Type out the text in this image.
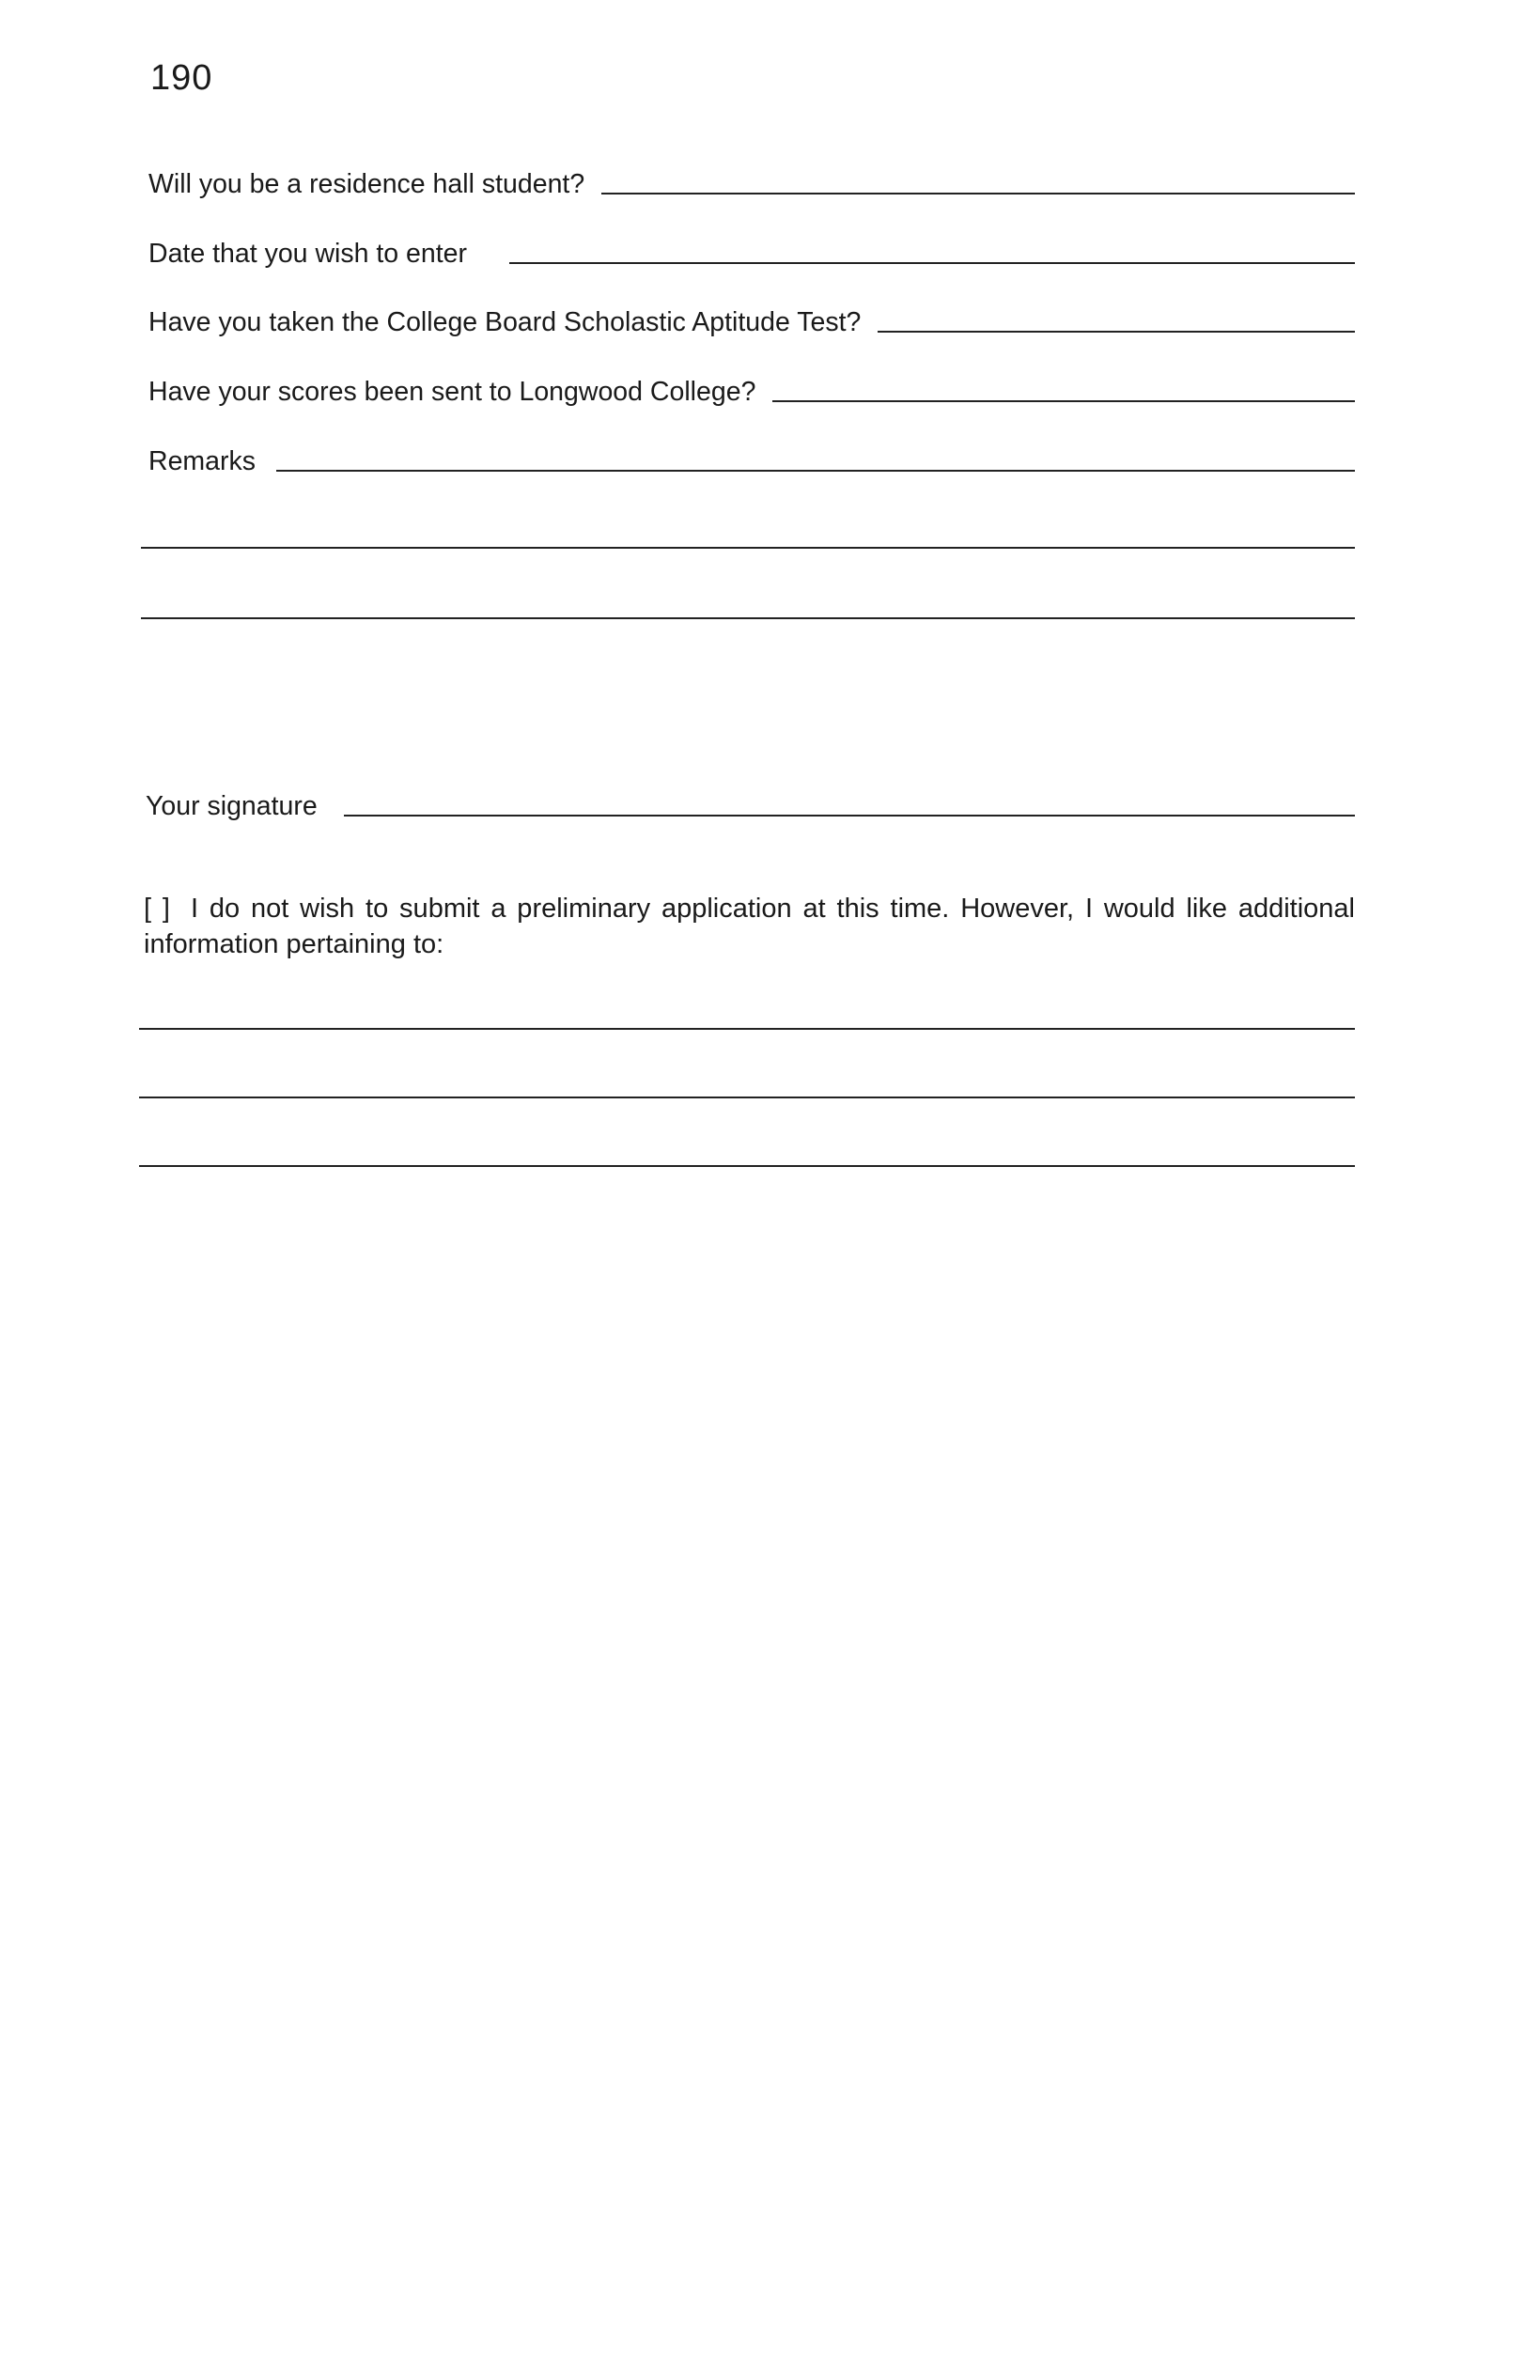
190
Will you be a residence hall student?
Date that you wish to enter
Have you taken the College Board Scholastic Aptitude Test?
Have your scores been sent to Longwood College?
Remarks
Your signature
[ ] I do not wish to submit a preliminary application at this time. However, I would like additional information pertaining to:
